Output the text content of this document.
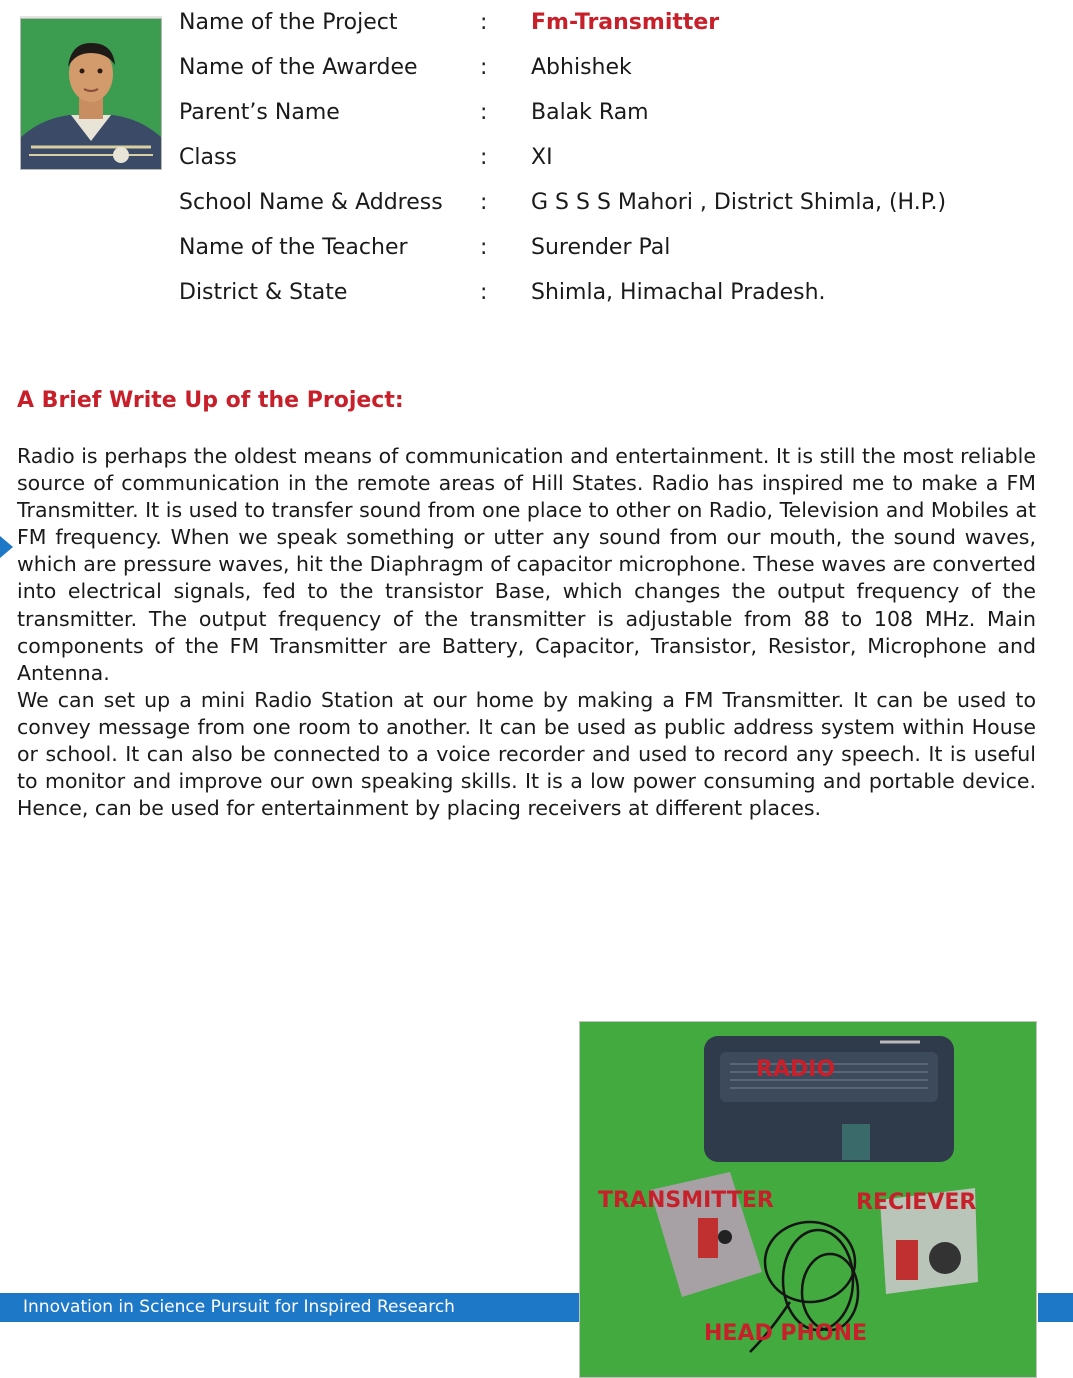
Name of the Project	: Fm-Transmitter
Name of the Awardee	: Abhishek
Parent’s Name	: Balak Ram
Class	: XI
School Name & Address : G S S S Mahori , District Shimla, (H.P.)
Name of the Teacher	: Surender Pal
District & State	: Shimla, Himachal Pradesh.
A Brief Write Up of the Project:

Radio is perhaps the oldest means of communication and entertainment. It is still the most reliable source of communication in the remote areas of Hill States. Radio has inspired me to make a FM Transmitter. It is used to transfer sound from one place to other on Radio, Television and Mobiles at FM frequency. When we speak something or utter any sound from our mouth, the sound waves, which are pressure waves, hit the Diaphragm of capacitor microphone. These waves are converted into electrical signals, fed to the transistor Base, which changes the output frequency of the transmitter. The output frequency of the transmitter is adjustable from 88 to 108 MHz. Main components of the FM Transmitter are Battery, Capacitor, Transistor, Resistor, Microphone and Antenna.

We can set up a mini Radio Station at our home by making a FM Transmitter. It can be used to convey message from one room to another. It can be used as public address system within House or school. It can also be connected to a voice recorder and used to record any speech. It is useful to monitor and improve our own speaking skills. It is a low power consuming and portable device. Hence, can be used for entertainment by placing receivers at different places.

Innovation in Science Pursuit for Inspired Research
RADIO
TRANSMITTER	RECIEVER
HEAD PHONE
